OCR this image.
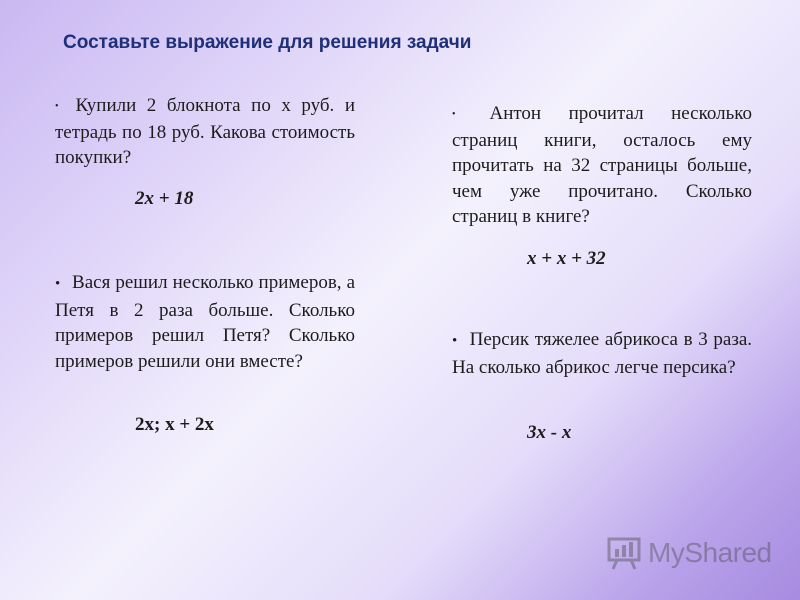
Составьте выражение для решения задачи
• Купили 2 блокнота по х руб. и тетрадь по 18 руб. Какова стоимость покупки?
2x + 18
• Вася решил несколько примеров, а Петя в 2 раза больше. Сколько примеров решил Петя? Сколько примеров решили они вместе?
2х; х + 2х
• Антон прочитал несколько страниц книги, осталось ему прочитать на 32 страницы больше, чем уже прочитано. Сколько страниц в книге?
x + x + 32
• Персик тяжелее абрикоса в 3 раза. На сколько абрикос легче персика?
3x - x
MyShared
